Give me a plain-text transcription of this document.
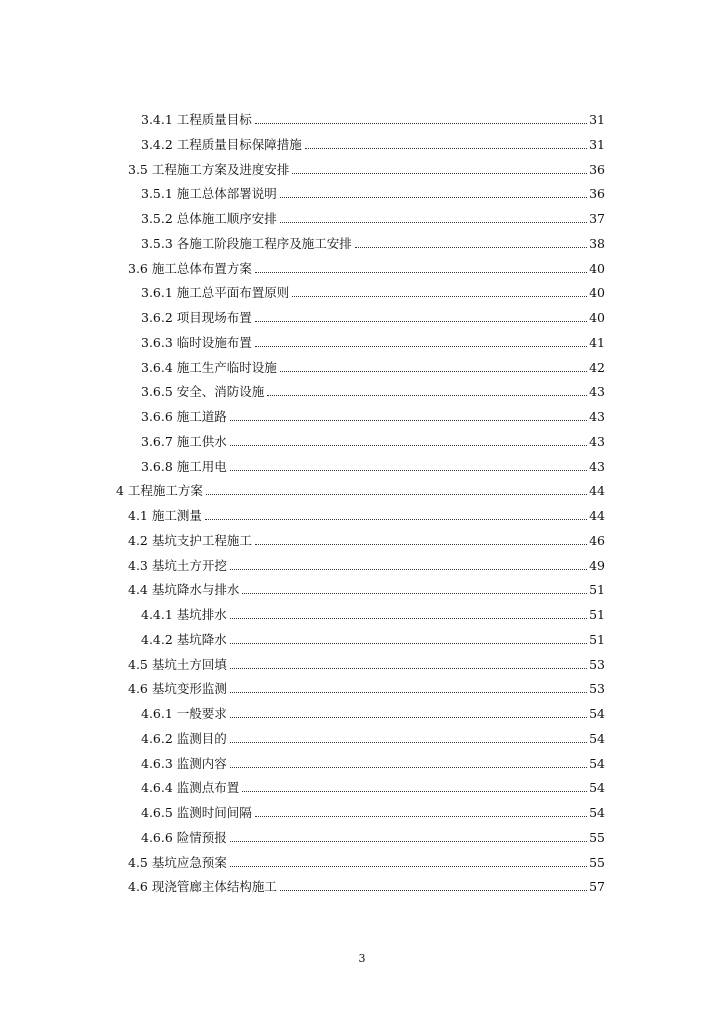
3.4.1 工程质量目标	31
3.4.2 工程质量目标保障措施	31
3.5 工程施工方案及进度安排	36
3.5.1 施工总体部署说明	36
3.5.2 总体施工顺序安排	37
3.5.3 各施工阶段施工程序及施工安排	38
3.6 施工总体布置方案	40
3.6.1 施工总平面布置原则	40
3.6.2 项目现场布置	40
3.6.3 临时设施布置	41
3.6.4 施工生产临时设施	42
3.6.5 安全、消防设施	43
3.6.6 施工道路	43
3.6.7 施工供水	43
3.6.8 施工用电	43
4 工程施工方案	44
4.1 施工测量	44
4.2 基坑支护工程施工	46
4.3 基坑土方开挖	49
4.4 基坑降水与排水	51
4.4.1 基坑排水	51
4.4.2 基坑降水	51
4.5 基坑土方回填	53
4.6 基坑变形监测	53
4.6.1 一般要求	54
4.6.2 监测目的	54
4.6.3 监测内容	54
4.6.4 监测点布置	54
4.6.5 监测时间间隔	54
4.6.6 险情预报	55
4.5 基坑应急预案	55
4.6 现浇管廊主体结构施工	57
3
